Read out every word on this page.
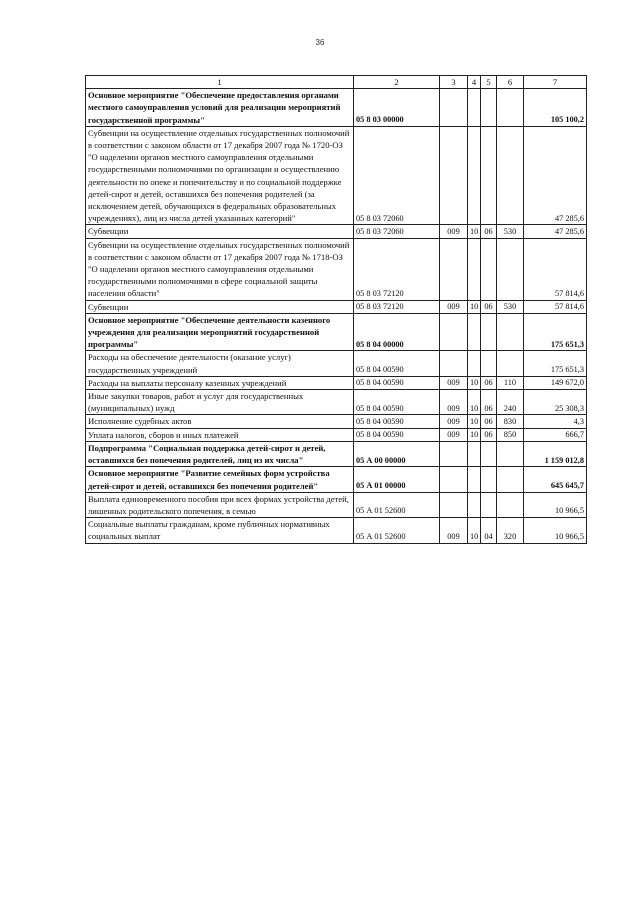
36
1	2	3	4	5	6	7
Основное мероприятие "Обеспечение предоставления органами местного самоуправления условий для реализации мероприятий государственной программы"	05 8 03 00000					105 100,2
Субвенции на осуществление отдельных государственных полномочий в соответствии с законом области от 17 декабря 2007 года № 1720-ОЗ "О наделении органов местного самоуправления отдельными государственными полномочиями по организации и осуществлению деятельности по опеке и попечительству и по социальной поддержке детей-сирот и детей, оставшихся без попечения родителей (за исключением детей, обучающихся в федеральных образовательных учреждениях), лиц из числа детей указанных категорий"	05 8 03 72060					47 285,6
Субвенции	05 8 03 72060	009	10	06	530	47 285,6
Субвенции на осуществление отдельных государственных полномочий в соответствии с законом области от 17 декабря 2007 года № 1718-ОЗ "О наделении органов местного самоуправления отдельными государственными полномочиями в сфере социальной защиты населения области"	05 8 03 72120					57 814,6
Субвенции	05 8 03 72120	009	10	06	530	57 814,6
Основное мероприятие "Обеспечение деятельности казенного учреждения для реализации мероприятий государственной программы"	05 8 04 00000					175 651,3
Расходы на обеспечение деятельности (оказание услуг) государственных учреждений	05 8 04 00590					175 651,3
Расходы на выплаты персоналу казенных учреждений	05 8 04 00590	009	10	06	110	149 672,0
Иные закупки товаров, работ и услуг для государственных (муниципальных) нужд	05 8 04 00590	009	10	06	240	25 308,3
Исполнение судебных актов	05 8 04 00590	009	10	06	830	4,3
Уплата налогов, сборов и иных платежей	05 8 04 00590	009	10	06	850	666,7
Подпрограмма "Социальная поддержка детей-сирот и детей, оставшихся без попечения родителей, лиц из их числа"	05 А 00 00000					1 159 012,8
Основное мероприятие "Развитие семейных форм устройства детей-сирот и детей, оставшихся без попечения родителей"	05 А 01 00000					645 645,7
Выплата единовременного пособия при всех формах устройства детей, лишенных родительского попечения, в семью	05 А 01 52600					10 966,5
Социальные выплаты гражданам, кроме публичных нормативных социальных выплат	05 А 01 52600	009	10	04	320	10 966,5
